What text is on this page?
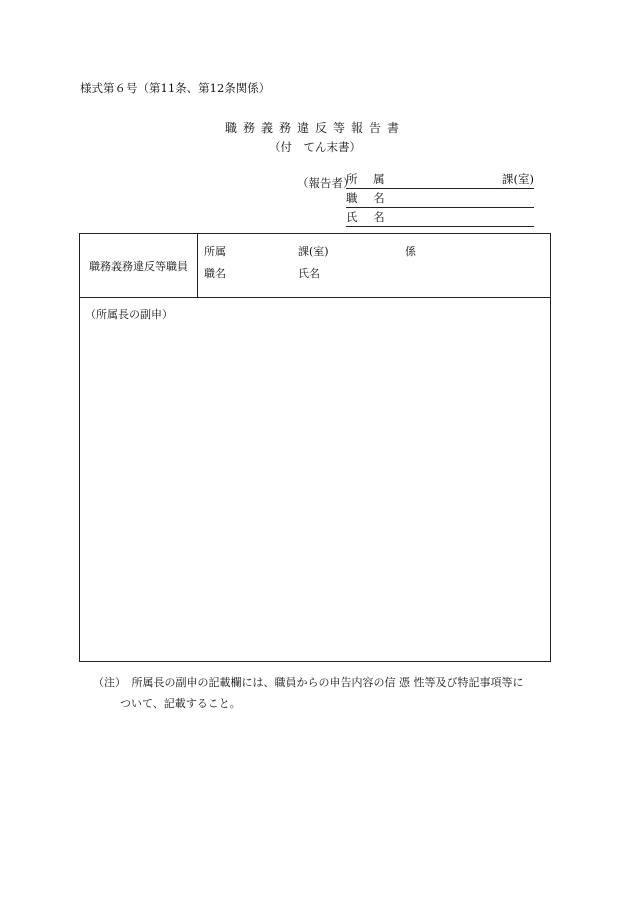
様式第６号（第11条、第12条関係）
職務義務違反等報告書
（付　てん末書）
（報告者）
所 属	課(室)
職 名
氏 名
職務義務違反等職員
所属	課(室)	係
職名	氏名
（所属長の副申）
（注）　所属長の副申の記載欄には、職員からの申告内容の信 憑 性等及び特記事項等に
ついて、記載すること。
